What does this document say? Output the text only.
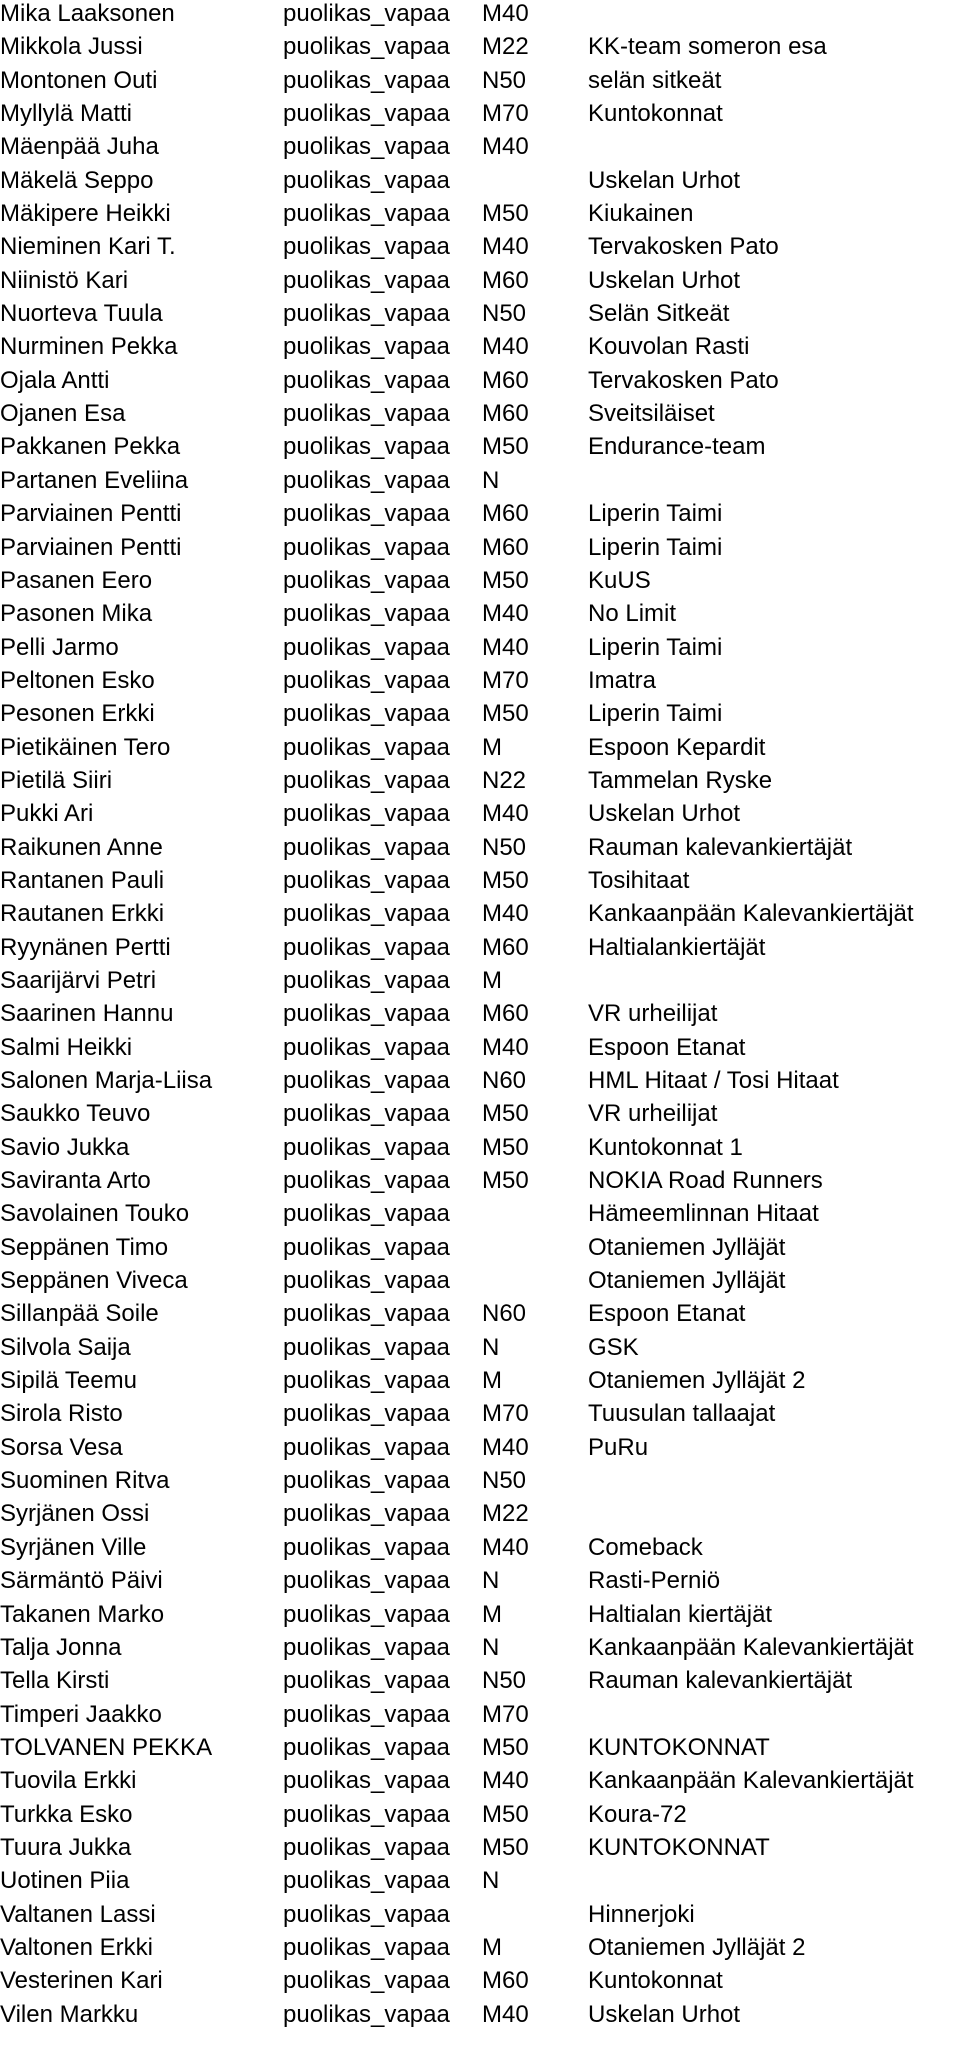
Mika Laaksonen	puolikas_vapaa M40
Mikkola Jussi	puolikas_vapaa M22 KK-team someron esa
Montonen Outi	puolikas_vapaa N50	selän sitkeät
Myllylä Matti	puolikas_vapaa M70 Kuntokonnat
Mäenpää Juha	puolikas_vapaa M40
Mäkelä Seppo	puolikas_vapaa	Uskelan Urhot
Mäkipere Heikki	puolikas_vapaa M50 Kiukainen
Nieminen Kari T.	puolikas_vapaa M40 Tervakosken Pato
Niinistö Kari	puolikas_vapaa M60 Uskelan Urhot
Nuorteva Tuula	puolikas_vapaa N50	Selän Sitkeät
Nurminen Pekka	puolikas_vapaa M40 Kouvolan Rasti
Ojala Antti	puolikas_vapaa M60 Tervakosken Pato
Ojanen Esa	puolikas_vapaa M60 Sveitsiläiset
Pakkanen Pekka	puolikas_vapaa M50 Endurance-team
Partanen Eveliina	puolikas_vapaa N
Parviainen Pentti	puolikas_vapaa M60 Liperin Taimi
Parviainen Pentti	puolikas_vapaa M60 Liperin Taimi
Pasanen Eero	puolikas_vapaa M50 KuUS
Pasonen Mika	puolikas_vapaa M40 No Limit
Pelli Jarmo	puolikas_vapaa M40 Liperin Taimi
Peltonen Esko	puolikas_vapaa M70 Imatra
Pesonen Erkki	puolikas_vapaa M50 Liperin Taimi
Pietikäinen Tero	puolikas_vapaa M	Espoon Kepardit
Pietilä Siiri	puolikas_vapaa N22	Tammelan Ryske
Pukki Ari	puolikas_vapaa M40 Uskelan Urhot
Raikunen Anne	puolikas_vapaa N50	Rauman kalevankiertäjät
Rantanen Pauli	puolikas_vapaa M50 Tosihitaat
Rautanen Erkki	puolikas_vapaa M40 Kankaanpään Kalevankiertäjät
Ryynänen Pertti	puolikas_vapaa M60 Haltialankiertäjät
Saarijärvi Petri	puolikas_vapaa M
Saarinen Hannu	puolikas_vapaa M60 VR urheilijat
Salmi Heikki	puolikas_vapaa M40 Espoon Etanat
Salonen Marja-Liisa	puolikas_vapaa N60	HML Hitaat / Tosi Hitaat
Saukko Teuvo	puolikas_vapaa M50 VR urheilijat
Savio Jukka	puolikas_vapaa M50 Kuntokonnat 1
Saviranta Arto	puolikas_vapaa M50 NOKIA Road Runners
Savolainen Touko	puolikas_vapaa	Hämeemlinnan Hitaat
Seppänen Timo	puolikas_vapaa	Otaniemen Jylläjät
Seppänen Viveca	puolikas_vapaa	Otaniemen Jylläjät
Sillanpää Soile	puolikas_vapaa N60	Espoon Etanat
Silvola Saija	puolikas_vapaa N	GSK
Sipilä Teemu	puolikas_vapaa M	Otaniemen Jylläjät 2
Sirola Risto	puolikas_vapaa M70 Tuusulan tallaajat
Sorsa Vesa	puolikas_vapaa M40 PuRu
Suominen Ritva	puolikas_vapaa N50
Syrjänen Ossi	puolikas_vapaa M22
Syrjänen Ville	puolikas_vapaa M40 Comeback
Särmäntö Päivi	puolikas_vapaa N	Rasti-Perniö
Takanen Marko	puolikas_vapaa M	Haltialan kiertäjät
Talja Jonna	puolikas_vapaa N	Kankaanpään Kalevankiertäjät
Tella Kirsti	puolikas_vapaa N50	Rauman kalevankiertäjät
Timperi Jaakko	puolikas_vapaa M70
TOLVANEN PEKKA	puolikas_vapaa M50 KUNTOKONNAT
Tuovila Erkki	puolikas_vapaa M40 Kankaanpään Kalevankiertäjät
Turkka Esko	puolikas_vapaa M50 Koura-72
Tuura Jukka	puolikas_vapaa M50 KUNTOKONNAT
Uotinen Piia	puolikas_vapaa N
Valtanen Lassi	puolikas_vapaa	Hinnerjoki
Valtonen Erkki	puolikas_vapaa M	Otaniemen Jylläjät 2
Vesterinen Kari	puolikas_vapaa M60 Kuntokonnat
Vilen Markku	puolikas_vapaa M40 Uskelan Urhot
